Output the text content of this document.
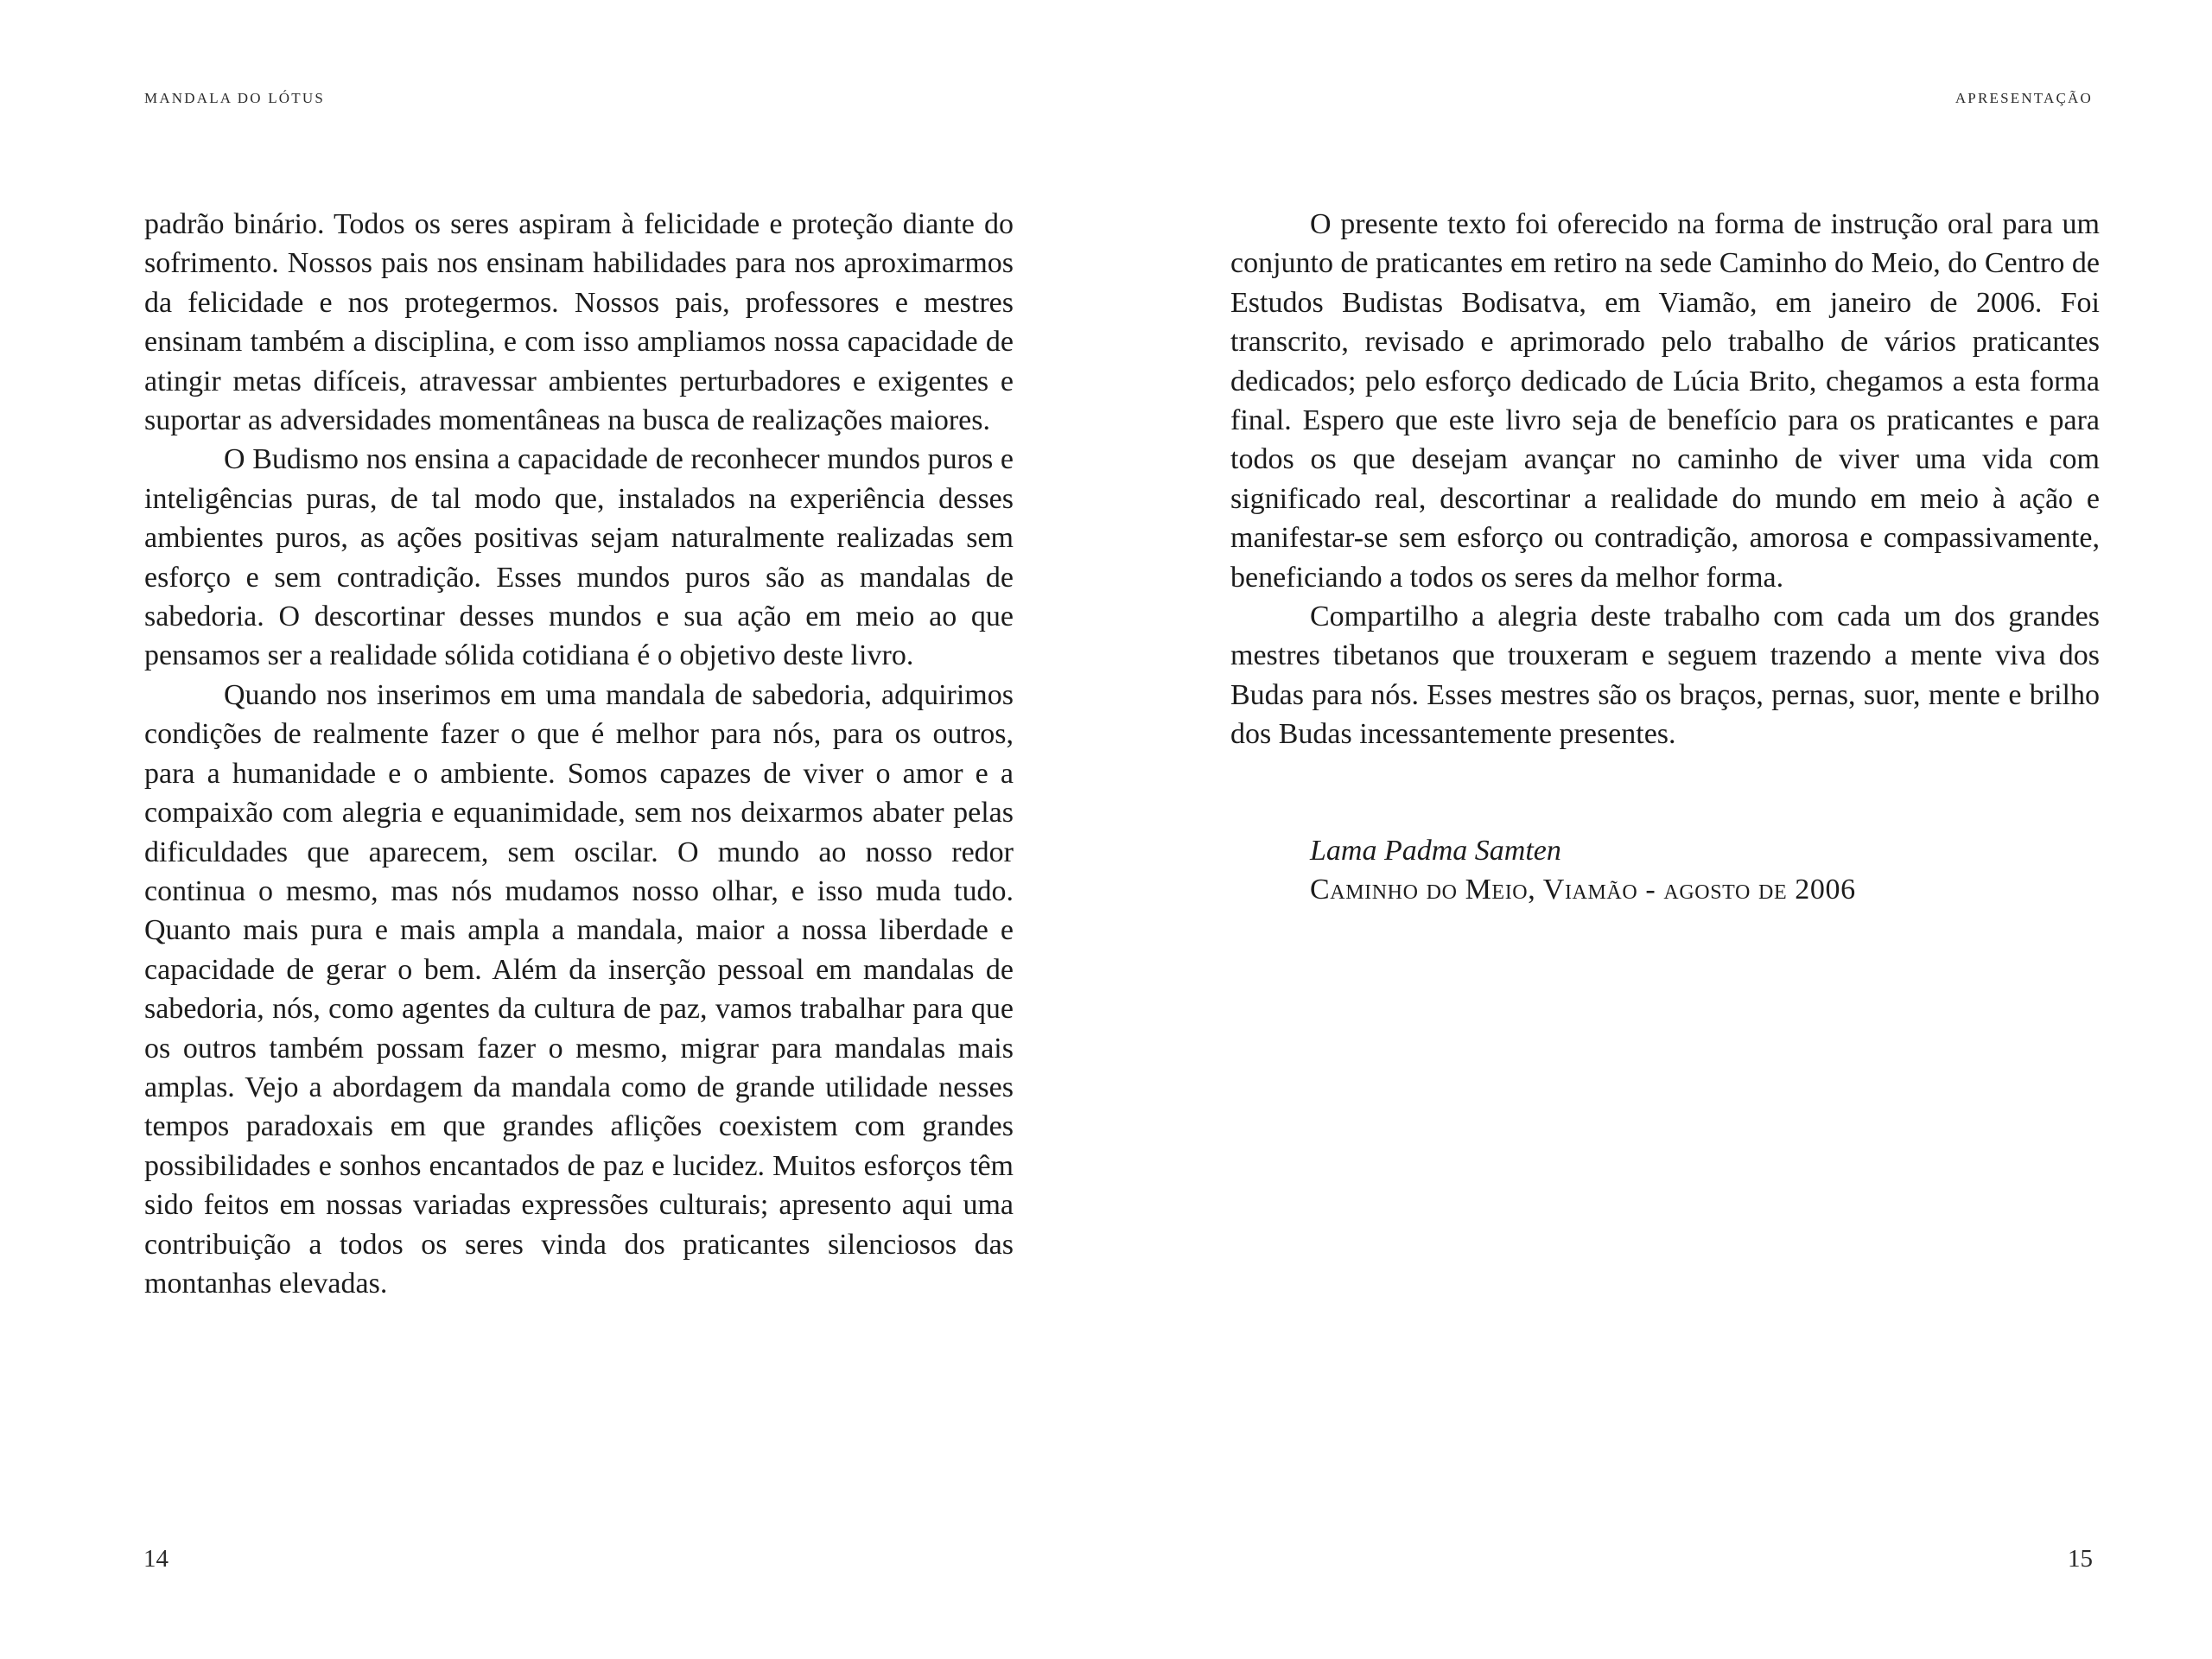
MANDALA DO LÓTUS

padrão binário. Todos os seres aspiram à felicidade e proteção diante do sofrimento. Nossos pais nos ensinam habilidades para nos aproximarmos da felicidade e nos protegermos. Nossos pais, professores e mestres ensinam também a disciplina, e com isso ampliamos nossa capacidade de atingir metas difíceis, atravessar ambientes perturbadores e exigentes e suportar as adversidades momentâneas na busca de realizações maiores.

O Budismo nos ensina a capacidade de reconhecer mundos puros e inteligências puras, de tal modo que, instalados na experiência desses ambientes puros, as ações positivas sejam naturalmente realizadas sem esforço e sem contradição. Esses mundos puros são as mandalas de sabedoria. O descortinar desses mundos e sua ação em meio ao que pensamos ser a realidade sólida cotidiana é o objetivo deste livro.

Quando nos inserimos em uma mandala de sabedoria, adquirimos condições de realmente fazer o que é melhor para nós, para os outros, para a humanidade e o ambiente. Somos capazes de viver o amor e a compaixão com alegria e equanimidade, sem nos deixarmos abater pelas dificuldades que aparecem, sem oscilar. O mundo ao nosso redor continua o mesmo, mas nós mudamos nosso olhar, e isso muda tudo. Quanto mais pura e mais ampla a mandala, maior a nossa liberdade e capacidade de gerar o bem. Além da inserção pessoal em mandalas de sabedoria, nós, como agentes da cultura de paz, vamos trabalhar para que os outros também possam fazer o mesmo, migrar para mandalas mais amplas. Vejo a abordagem da mandala como de grande utilidade nesses tempos paradoxais em que grandes aflições coexistem com grandes possibilidades e sonhos encantados de paz e lucidez. Muitos esforços têm sido feitos em nossas variadas expressões culturais; apresento aqui uma contribuição a todos os seres vinda dos praticantes silenciosos das montanhas elevadas.

14
APRESENTAÇÃO

O presente texto foi oferecido na forma de instrução oral para um conjunto de praticantes em retiro na sede Caminho do Meio, do Centro de Estudos Budistas Bodisatva, em Viamão, em janeiro de 2006. Foi transcrito, revisado e aprimorado pelo trabalho de vários praticantes dedicados; pelo esforço dedicado de Lúcia Brito, chegamos a esta forma final. Espero que este livro seja de benefício para os praticantes e para todos os que desejam avançar no caminho de viver uma vida com significado real, descortinar a realidade do mundo em meio à ação e manifestar-se sem esforço ou contradição, amorosa e compassivamente, beneficiando a todos os seres da melhor forma.

Compartilho a alegria deste trabalho com cada um dos grandes mestres tibetanos que trouxeram e seguem trazendo a mente viva dos Budas para nós. Esses mestres são os braços, pernas, suor, mente e brilho dos Budas incessantemente presentes.

Lama Padma Samten
Caminho do Meio, Viamão - agosto de 2006
15
